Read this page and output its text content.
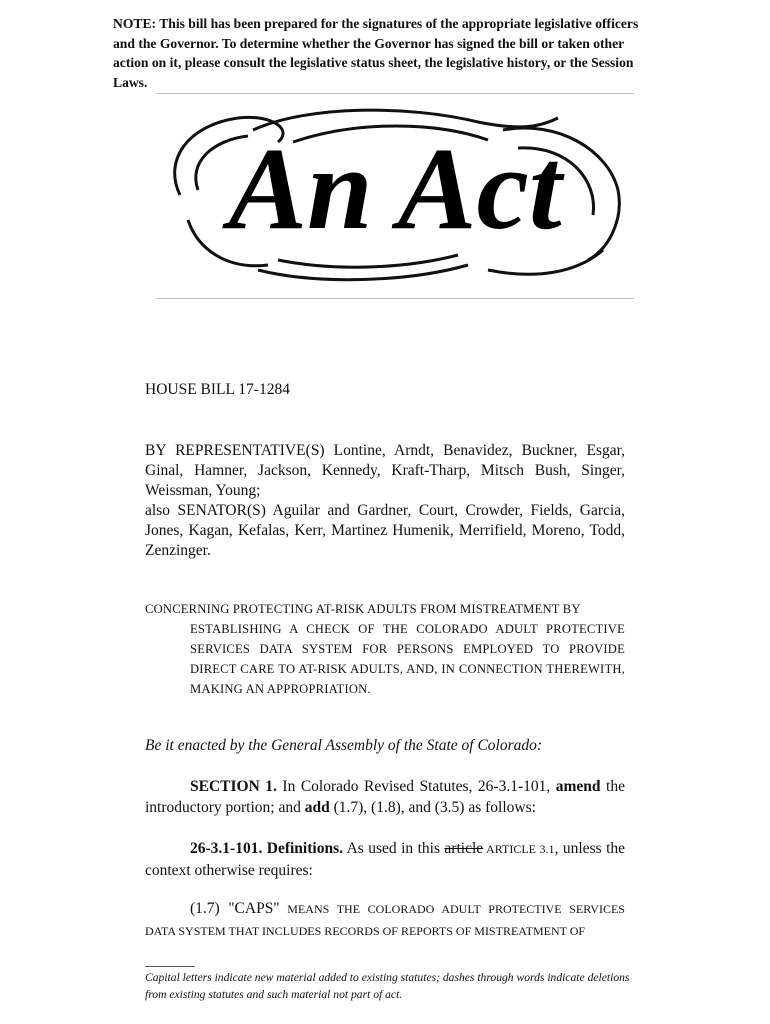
NOTE: This bill has been prepared for the signatures of the appropriate legislative officers and the Governor. To determine whether the Governor has signed the bill or taken other action on it, please consult the legislative status sheet, the legislative history, or the Session Laws.
An Act
HOUSE BILL 17-1284

BY REPRESENTATIVE(S) Lontine, Arndt, Benavidez, Buckner, Esgar, Ginal, Hamner, Jackson, Kennedy, Kraft-Tharp, Mitsch Bush, Singer, Weissman, Young;

also SENATOR(S) Aguilar and Gardner, Court, Crowder, Fields, Garcia, Jones, Kagan, Kefalas, Kerr, Martinez Humenik, Merrifield, Moreno, Todd, Zenzinger.

CONCERNING PROTECTING AT-RISK ADULTS FROM MISTREATMENT BY
ESTABLISHING A CHECK OF THE COLORADO ADULT PROTECTIVE SERVICES DATA SYSTEM FOR PERSONS EMPLOYED TO PROVIDE DIRECT CARE TO AT-RISK ADULTS, AND, IN CONNECTION THEREWITH, MAKING AN APPROPRIATION.
Be it enacted by the General Assembly of the State of Colorado:

SECTION 1. In Colorado Revised Statutes, 26-3.1-101, amend the introductory portion; and add (1.7), (1.8), and (3.5) as follows:

26-3.1-101. Definitions. As used in this article ARTICLE 3.1, unless the context otherwise requires:

(1.7) "CAPS" MEANS THE COLORADO ADULT PROTECTIVE SERVICES DATA SYSTEM THAT INCLUDES RECORDS OF REPORTS OF MISTREATMENT OF

Capital letters indicate new material added to existing statutes; dashes through words indicate deletions from existing statutes and such material not part of act.
